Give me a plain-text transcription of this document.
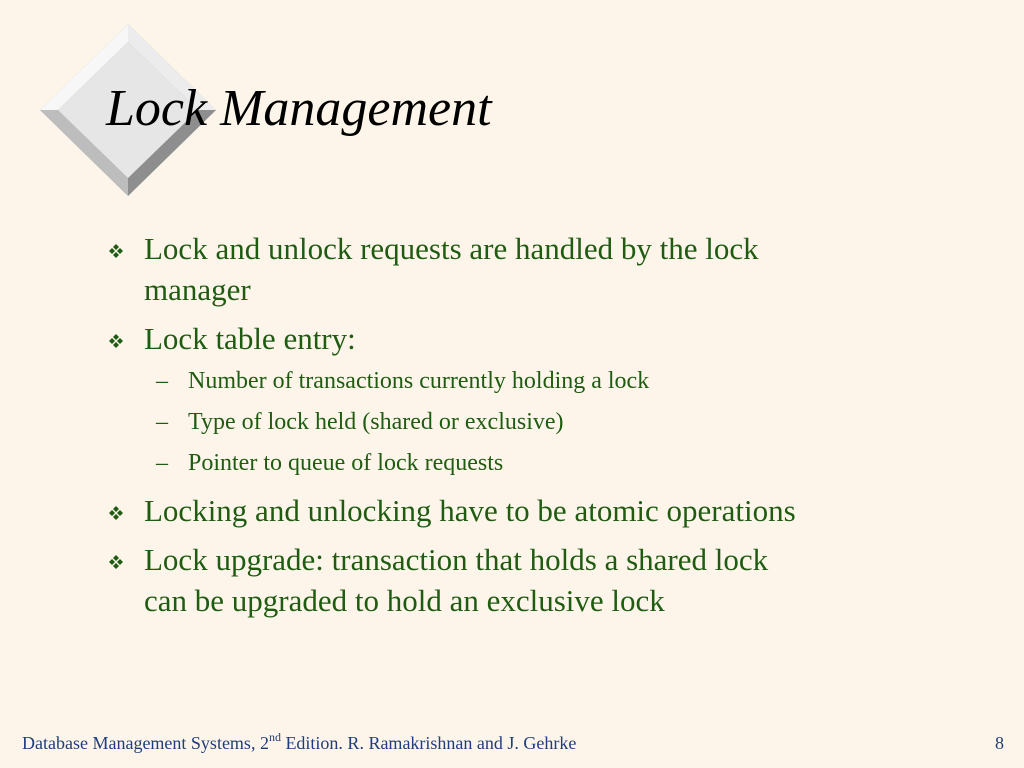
Lock Management
Lock and unlock requests are handled by the lock
manager
Lock table entry:
– Number of transactions currently holding a lock
– Type of lock held (shared or exclusive)
– Pointer to queue of lock requests
Locking and unlocking have to be atomic operations
Lock upgrade: transaction that holds a shared lock
can be upgraded to hold an exclusive lock
Database Management Systems, 2nd Edition. R. Ramakrishnan and J. Gehrke	8
